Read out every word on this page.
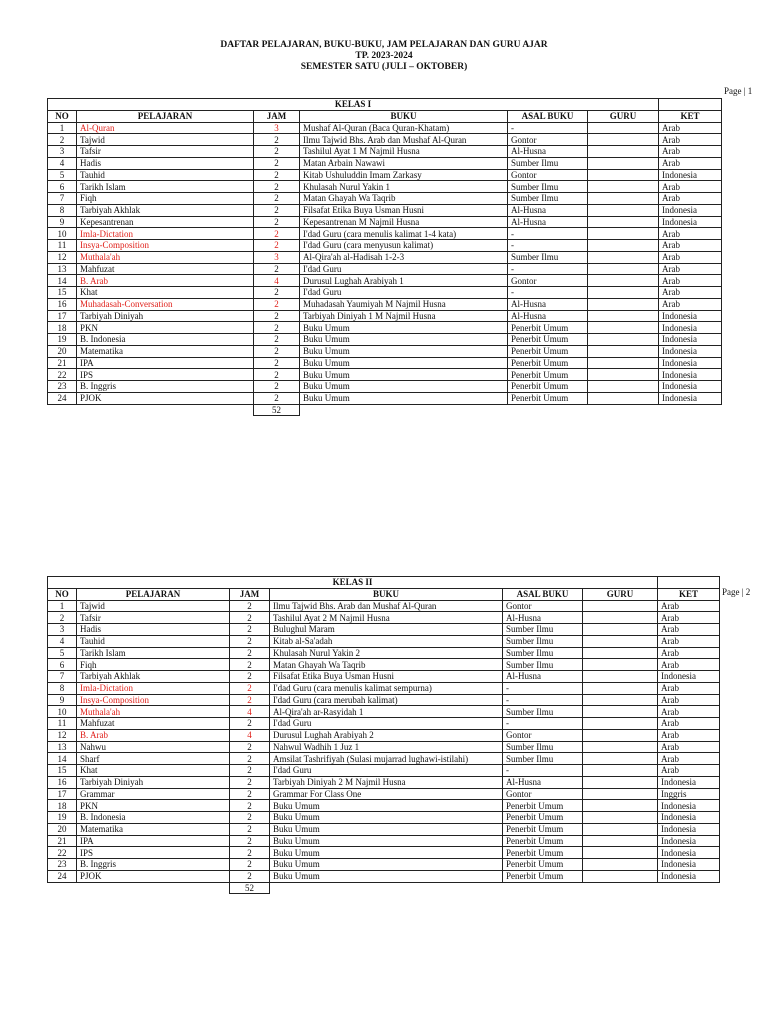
DAFTAR PELAJARAN, BUKU-BUKU, JAM PELAJARAN DAN GURU AJAR
TP. 2023-2024
SEMESTER SATU (JULI – OKTOBER)
Page | 1
KELAS I						
NO	PELAJARAN	JAM	BUKU	ASAL BUKU	GURU	KET
1	Al-Quran	3	Mushaf Al-Quran (Baca Quran-Khatam)	-		Arab
2	Tajwid	2	Ilmu Tajwid Bhs. Arab dan Mushaf Al-Quran	Gontor		Arab
3	Tafsir	2	Tashilul Ayat 1 M Najmil Husna	Al-Husna		Arab
4	Hadis	2	Matan Arbain Nawawi	Sumber Ilmu		Arab
5	Tauhid	2	Kitab Ushuluddin Imam Zarkasy	Gontor		Indonesia
6	Tarikh Islam	2	Khulasah Nurul Yakin 1	Sumber Ilmu		Arab
7	Fiqh	2	Matan Ghayah Wa Taqrib	Sumber Ilmu		Arab
8	Tarbiyah Akhlak	2	Filsafat Etika Buya Usman Husni	Al-Husna		Indonesia
9	Kepesantrenan	2	Kepesantrenan M Najmil Husna	Al-Husna		Indonesia
10	Imla-Dictation	2	I'dad Guru (cara menulis kalimat 1-4 kata)	-		Arab
11	Insya-Composition	2	I'dad Guru (cara menyusun kalimat)	-		Arab
12	Muthala'ah	3	Al-Qira'ah al-Hadisah 1-2-3	Sumber Ilmu		Arab
13	Mahfuzat	2	I'dad Guru	-		Arab
14	B. Arab	4	Durusul Lughah Arabiyah 1	Gontor		Arab
15	Khat	2	I'dad Guru	-		Arab
16	Muhadasah-Conversation	2	Muhadasah Yaumiyah M Najmil Husna	Al-Husna		Arab
17	Tarbiyah Diniyah	2	Tarbiyah Diniyah 1 M Najmil Husna	Al-Husna		Indonesia
18	PKN	2	Buku Umum	Penerbit Umum		Indonesia
19	B. Indonesia	2	Buku Umum	Penerbit Umum		Indonesia
20	Matematika	2	Buku Umum	Penerbit Umum		Indonesia
21	IPA	2	Buku Umum	Penerbit Umum		Indonesia
22	IPS	2	Buku Umum	Penerbit Umum		Indonesia
23	B. Inggris	2	Buku Umum	Penerbit Umum		Indonesia
24	PJOK	2	Buku Umum	Penerbit Umum		Indonesia
		52				
Page | 2
KELAS II						
NO	PELAJARAN	JAM	BUKU	ASAL BUKU	GURU	KET
1	Tajwid	2	Ilmu Tajwid Bhs. Arab dan Mushaf Al-Quran	Gontor		Arab
2	Tafsir	2	Tashilul Ayat 2 M Najmil Husna	Al-Husna		Arab
3	Hadis	2	Bulughul Maram	Sumber Ilmu		Arab
4	Tauhid	2	Kitab al-Sa'adah	Sumber Ilmu		Arab
5	Tarikh Islam	2	Khulasah Nurul Yakin 2	Sumber Ilmu		Arab
6	Fiqh	2	Matan Ghayah Wa Taqrib	Sumber Ilmu		Arab
7	Tarbiyah Akhlak	2	Filsafat Etika Buya Usman Husni	Al-Husna		Indonesia
8	Imla-Dictation	2	I'dad Guru (cara menulis kalimat sempurna)	-		Arab
9	Insya-Composition	2	I'dad Guru (cara merubah kalimat)	-		Arab
10	Muthala'ah	4	Al-Qira'ah ar-Rasyidah 1	Sumber Ilmu		Arab
11	Mahfuzat	2	I'dad Guru	-		Arab
12	B. Arab	4	Durusul Lughah Arabiyah 2	Gontor		Arab
13	Nahwu	2	Nahwul Wadhih 1 Juz 1	Sumber Ilmu		Arab
14	Sharf	2	Amsilat Tashrifiyah (Sulasi mujarrad lughawi-istilahi)	Sumber Ilmu		Arab
15	Khat	2	I'dad Guru	-		Arab
16	Tarbiyah Diniyah	2	Tarbiyah Diniyah 2 M Najmil Husna	Al-Husna		Indonesia
17	Grammar	2	Grammar For Class One	Gontor		Inggris
18	PKN	2	Buku Umum	Penerbit Umum		Indonesia
19	B. Indonesia	2	Buku Umum	Penerbit Umum		Indonesia
20	Matematika	2	Buku Umum	Penerbit Umum		Indonesia
21	IPA	2	Buku Umum	Penerbit Umum		Indonesia
22	IPS	2	Buku Umum	Penerbit Umum		Indonesia
23	B. Inggris	2	Buku Umum	Penerbit Umum		Indonesia
24	PJOK	2	Buku Umum	Penerbit Umum		Indonesia
		52				
